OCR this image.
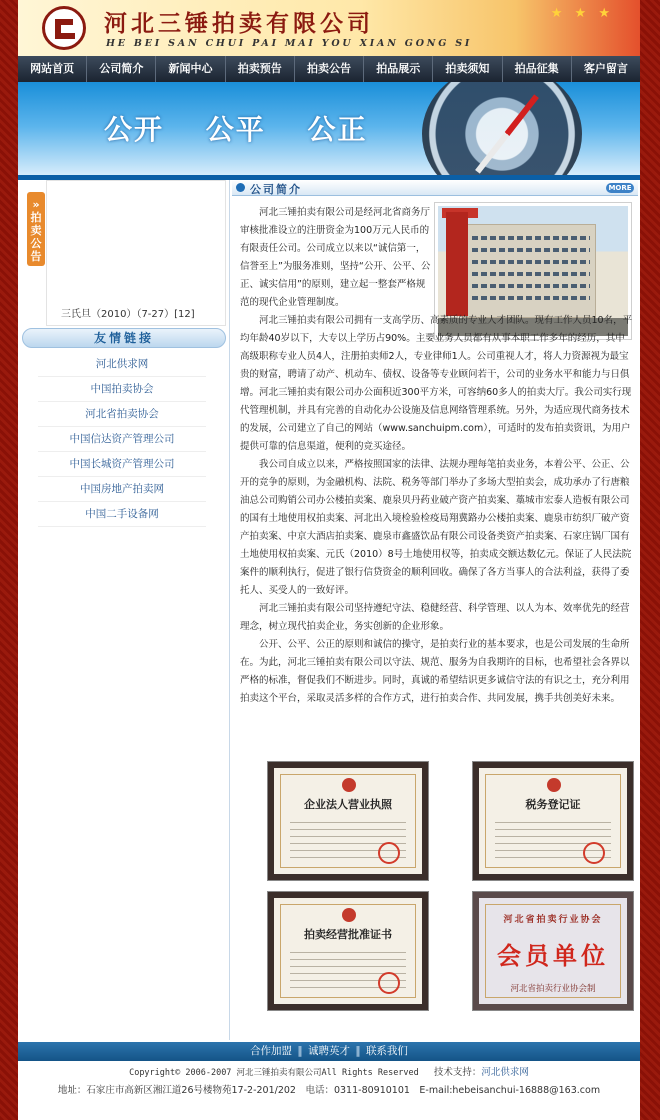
河北三锤拍卖有限公司
HE BEI SAN CHUI PAI MAI YOU XIAN GONG SI
★ ★ ★
网站首页	公司简介	新闻中心	拍卖预告	拍卖公告	拍品展示	拍卖须知	拍品征集	客户留言
公开 公平 公正
»
拍卖公告
三氏旦（2010）（7-27）[12]
友情链接
河北供求网
中国拍卖协会
河北省拍卖协会
中国信达资产管理公司
中国长城资产管理公司
中国房地产拍卖网
中国二手设备网
公司简介	MORE

河北三锤拍卖有限公司是经河北省商务厅审核批准设立的注册资金为100万元人民币的有限责任公司。公司成立以来以“诚信第一，信誉至上”为服务准则，坚持“公开、公平、公正、诚实信用”的原则，建立起一整套严格规范的现代企业管理制度。

河北三锤拍卖有限公司拥有一支高学历、高素质的专业人才团队。现有工作人员10名，平均年龄40岁以下，大专以上学历占90%。主要业务人员都有从事本职工作多年的经历，其中高级职称专业人员4人，注册拍卖师2人，专业律师1人。公司重视人才，将人力资源视为最宝贵的财富，聘请了动产、机动车、债权、设备等专业顾问若干，公司的业务水平和能力与日俱增。河北三锤拍卖有限公司办公面积近300平方米，可容纳60多人的拍卖大厅。我公司实行现代管理机制，并具有完善的自动化办公设施及信息网络管理系统。另外，为适应现代商务技术的发展，公司建立了自己的网站（www.sanchuipm.com），可适时的发布拍卖资讯，为用户提供可靠的信息渠道，便利的竞买途径。

我公司自成立以来，严格按照国家的法律、法规办理每笔拍卖业务，本着公平、公正、公开的竞争的原则，为金融机构、法院、税务等部门举办了多场大型拍卖会，成功承办了行唐粮油总公司购销公司办公楼拍卖案、鹿泉贝丹药业破产资产拍卖案、藁城市宏泰人造板有限公司的国有土地使用权拍卖案、河北出入境检验检疫局翔冀路办公楼拍卖案、鹿泉市纺织厂破产资产拍卖案、中京大酒店拍卖案、鹿泉市鑫盛饮品有限公司设备类资产拍卖案、石家庄锅厂国有土地使用权拍卖案、元氏（2010）8号土地使用权等，拍卖成交额达数亿元。保证了人民法院案件的顺利执行，促进了银行信贷资金的顺利回收。确保了各方当事人的合法利益，获得了委托人、买受人的一致好评。

河北三锤拍卖有限公司坚持遵纪守法、稳健经营、科学管理、以人为本、效率优先的经营理念，树立现代拍卖企业，务实创新的企业形象。

公开、公平、公正的原则和诚信的操守，是拍卖行业的基本要求，也是公司发展的生命所在。为此，河北三锤拍卖有限公司以守法、规范、服务为自我期许的目标，也希望社会各界以严格的标准，督促我们不断进步。同时，真诚的希望结识更多诚信守法的有识之士，充分利用拍卖这个平台，采取灵活多样的合作方式，进行拍卖合作、共同发展，携手共创美好未来。

企业法人营业执照	税务登记证
拍卖经营批准证书
河北省拍卖行业协会
会员单位
河北省拍卖行业协会制
合作加盟 ‖ 诚聘英才 ‖ 联系我们
Copyright© 2006-2007 河北三锤拍卖有限公司All Rights Reserved 技术支持：河北供求网
地址：石家庄市高新区湘江道26号楼物苑17-2-201/202　电话：0311-80910101　E-mail:hebeisanchui-16888@163.com
